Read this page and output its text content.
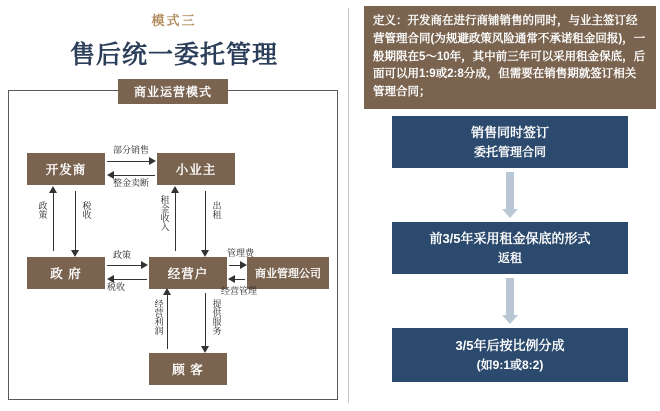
模式三
售后统一委托管理
商业运营模式
开发商	小业主
政 府	经营户	商业管理公司
顾 客
部分销售
整金卖断
政策	税收	租金收入	出租
政策
税收
管理费
经营管理
经营利润	提供服务
定义：开发商在进行商铺销售的同时，与业主签订经营管理合同(为规避政策风险通常不承诺租金回报)，一般期限在5～10年，其中前三年可以采用租金保底，后面可以用1:9或2:8分成，但需要在销售期就签订相关管理合同；
销售同时签订
委托管理合同
前3/5年采用租金保底的形式
返租
3/5年后按比例分成
(如9:1或8:2)
